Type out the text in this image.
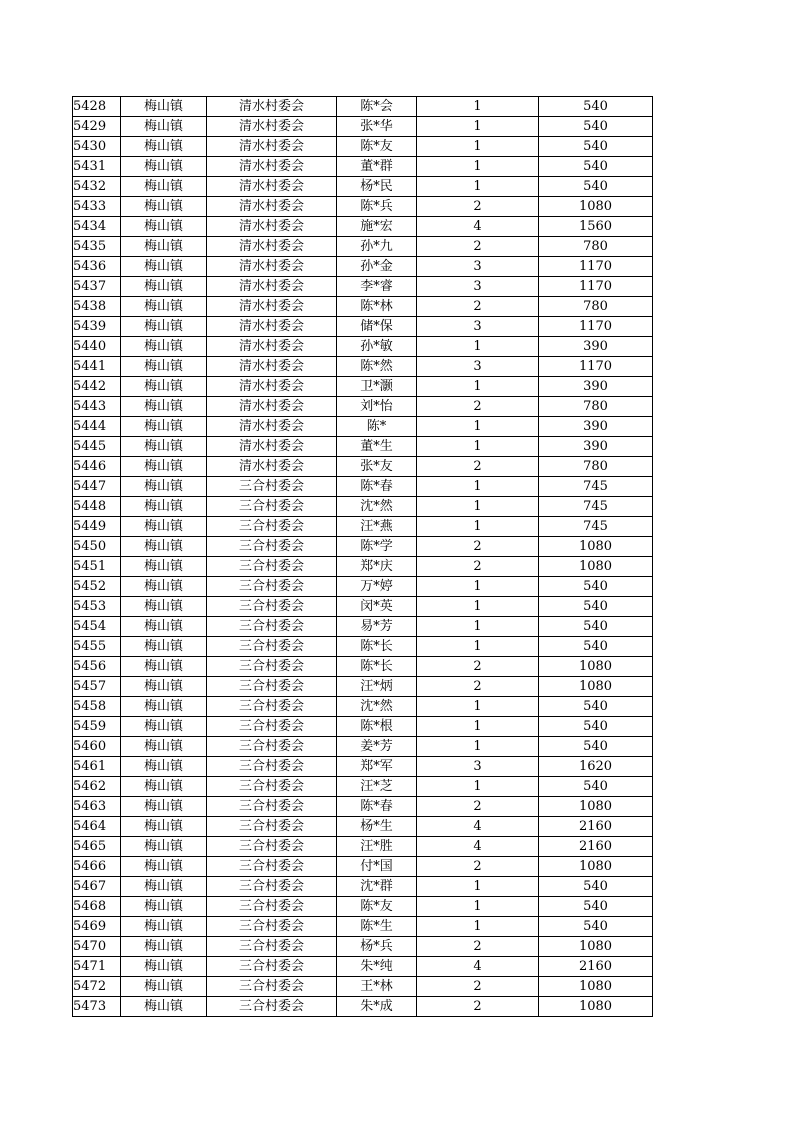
5428	梅山镇	清水村委会	陈*会	1	540
5429	梅山镇	清水村委会	张*华	1	540
5430	梅山镇	清水村委会	陈*友	1	540
5431	梅山镇	清水村委会	董*群	1	540
5432	梅山镇	清水村委会	杨*民	1	540
5433	梅山镇	清水村委会	陈*兵	2	1080
5434	梅山镇	清水村委会	施*宏	4	1560
5435	梅山镇	清水村委会	孙*九	2	780
5436	梅山镇	清水村委会	孙*金	3	1170
5437	梅山镇	清水村委会	李*睿	3	1170
5438	梅山镇	清水村委会	陈*林	2	780
5439	梅山镇	清水村委会	储*保	3	1170
5440	梅山镇	清水村委会	孙*敏	1	390
5441	梅山镇	清水村委会	陈*然	3	1170
5442	梅山镇	清水村委会	卫*灏	1	390
5443	梅山镇	清水村委会	刘*怡	2	780
5444	梅山镇	清水村委会	陈*	1	390
5445	梅山镇	清水村委会	董*生	1	390
5446	梅山镇	清水村委会	张*友	2	780
5447	梅山镇	三合村委会	陈*春	1	745
5448	梅山镇	三合村委会	沈*然	1	745
5449	梅山镇	三合村委会	汪*燕	1	745
5450	梅山镇	三合村委会	陈*学	2	1080
5451	梅山镇	三合村委会	郑*庆	2	1080
5452	梅山镇	三合村委会	万*婷	1	540
5453	梅山镇	三合村委会	闵*英	1	540
5454	梅山镇	三合村委会	易*芳	1	540
5455	梅山镇	三合村委会	陈*长	1	540
5456	梅山镇	三合村委会	陈*长	2	1080
5457	梅山镇	三合村委会	汪*炳	2	1080
5458	梅山镇	三合村委会	沈*然	1	540
5459	梅山镇	三合村委会	陈*根	1	540
5460	梅山镇	三合村委会	姜*芳	1	540
5461	梅山镇	三合村委会	郑*军	3	1620
5462	梅山镇	三合村委会	汪*芝	1	540
5463	梅山镇	三合村委会	陈*春	2	1080
5464	梅山镇	三合村委会	杨*生	4	2160
5465	梅山镇	三合村委会	汪*胜	4	2160
5466	梅山镇	三合村委会	付*国	2	1080
5467	梅山镇	三合村委会	沈*群	1	540
5468	梅山镇	三合村委会	陈*友	1	540
5469	梅山镇	三合村委会	陈*生	1	540
5470	梅山镇	三合村委会	杨*兵	2	1080
5471	梅山镇	三合村委会	朱*纯	4	2160
5472	梅山镇	三合村委会	王*林	2	1080
5473	梅山镇	三合村委会	朱*成	2	1080
